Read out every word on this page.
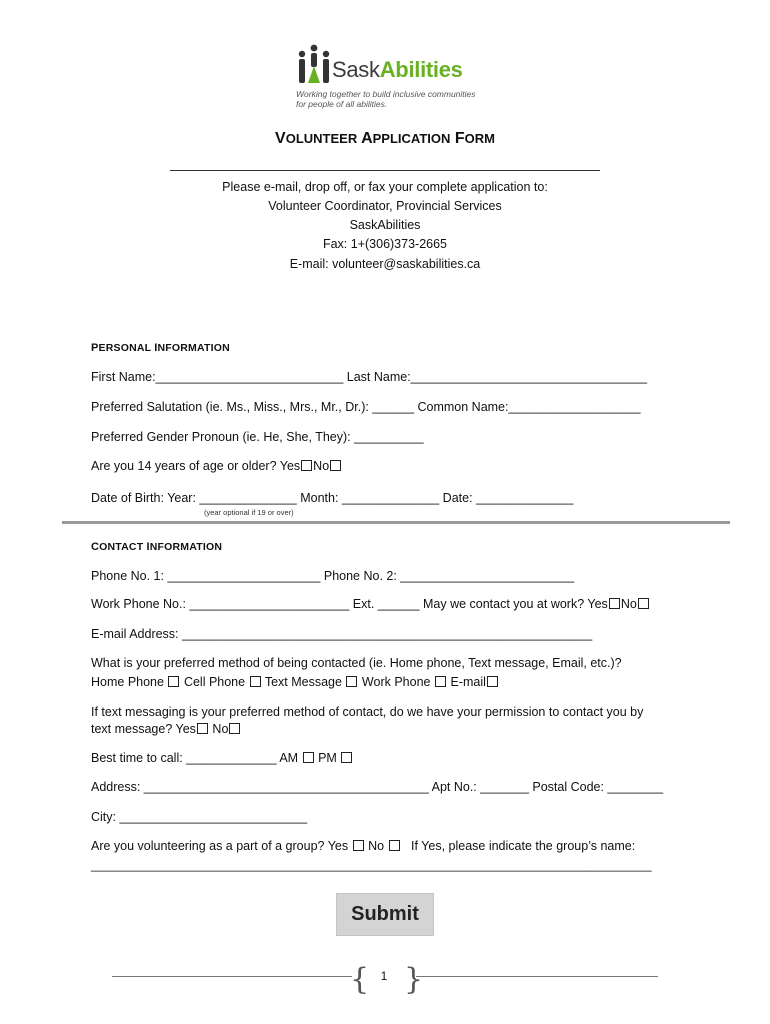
SaskAbilities
Working together to build inclusive communities for people of all abilities.
VOLUNTEER APPLICATION FORM
Please e-mail, drop off, or fax your complete application to:
Volunteer Coordinator, Provincial Services
SaskAbilities
Fax: 1+(306)373-2665
E-mail: volunteer@saskabilities.ca
PERSONAL INFORMATION
First Name:___________________________ Last Name:__________________________________
Preferred Salutation (ie. Ms., Miss., Mrs., Mr., Dr.): ______ Common Name:___________________
Preferred Gender Pronoun (ie. He, She, They): __________
Are you 14 years of age or older? Yes No
Date of Birth: Year: ______________ Month: ______________ Date: ______________
(year optional if 19 or over)
CONTACT INFORMATION
Phone No. 1: ______________________ Phone No. 2: _________________________
Work Phone No.: _______________________ Ext. ______ May we contact you at work? Yes No
E-mail Address: ___________________________________________________________
What is your preferred method of being contacted (ie. Home phone, Text message, Email, etc.)?
Home Phone Cell Phone Text Message Work Phone E-mail
If text messaging is your preferred method of contact, do we have your permission to contact you by
text message? Yes No
Best time to call: _____________ AM PM
Address: _________________________________________ Apt No.: _______ Postal Code: ________
City: ___________________________
Are you volunteering as a part of a group? Yes No If Yes, please indicate the group’s name:
____________________________________________________________________________________
Submit
{ }
1
